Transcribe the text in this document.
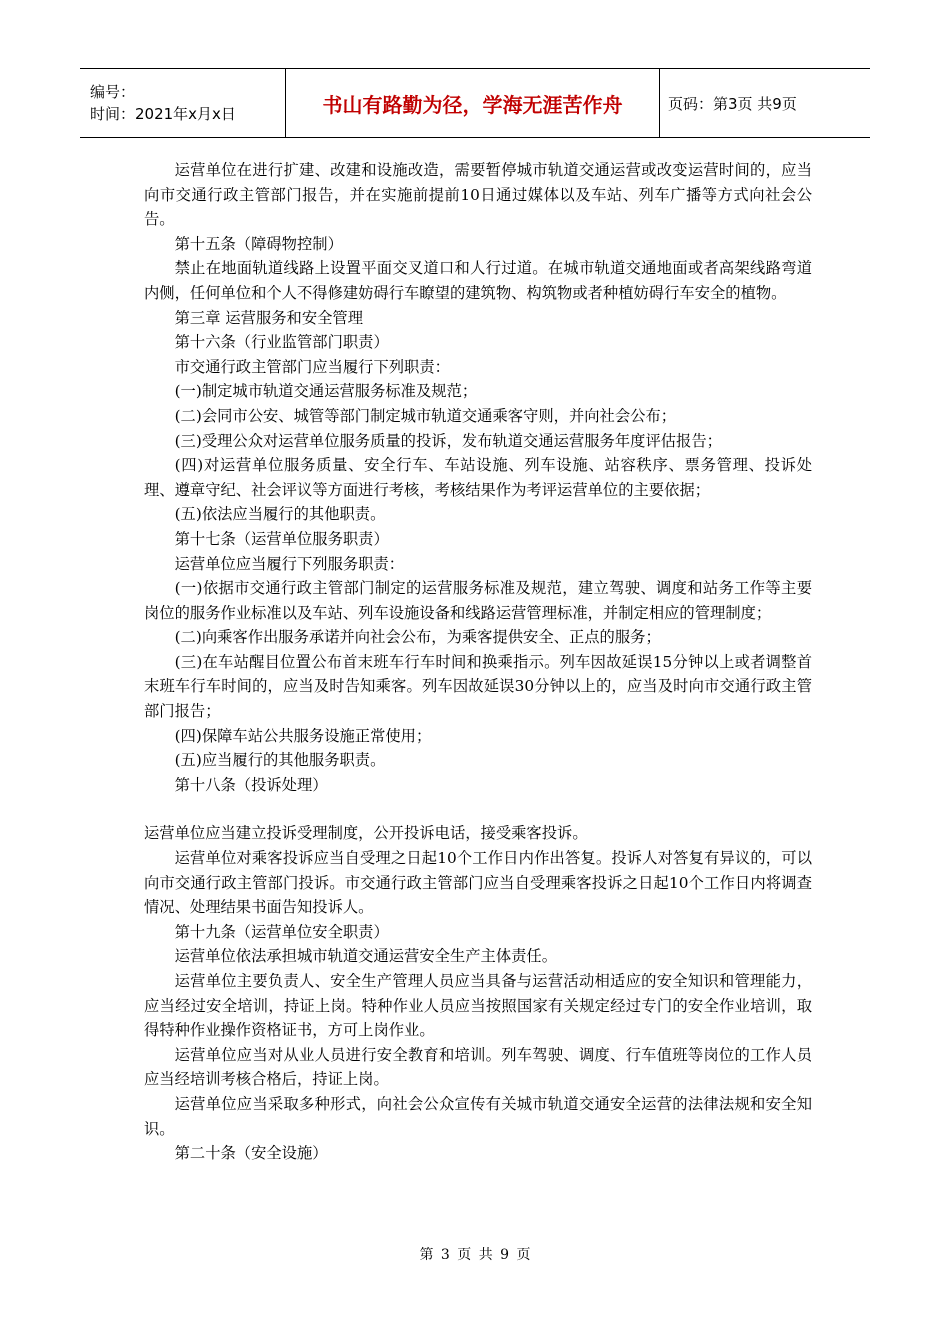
编号：
时间：2021年x月x日	书山有路勤为径，学海无涯苦作舟	页码：第3页 共9页

运营单位在进行扩建、改建和设施改造，需要暂停城市轨道交通运营或改变运营时间的，应当向市交通行政主管部门报告，并在实施前提前10日通过媒体以及车站、列车广播等方式向社会公告。

第十五条（障碍物控制）

禁止在地面轨道线路上设置平面交叉道口和人行过道。在城市轨道交通地面或者高架线路弯道内侧，任何单位和个人不得修建妨碍行车瞭望的建筑物、构筑物或者种植妨碍行车安全的植物。

第三章 运营服务和安全管理

第十六条（行业监管部门职责）

市交通行政主管部门应当履行下列职责：

(一)制定城市轨道交通运营服务标准及规范；

(二)会同市公安、城管等部门制定城市轨道交通乘客守则，并向社会公布；

(三)受理公众对运营单位服务质量的投诉，发布轨道交通运营服务年度评估报告；

(四)对运营单位服务质量、安全行车、车站设施、列车设施、站容秩序、票务管理、投诉处理、遵章守纪、社会评议等方面进行考核，考核结果作为考评运营单位的主要依据；

(五)依法应当履行的其他职责。

第十七条（运营单位服务职责）

运营单位应当履行下列服务职责：

(一)依据市交通行政主管部门制定的运营服务标准及规范，建立驾驶、调度和站务工作等主要岗位的服务作业标准以及车站、列车设施设备和线路运营管理标准，并制定相应的管理制度；

(二)向乘客作出服务承诺并向社会公布，为乘客提供安全、正点的服务；

(三)在车站醒目位置公布首末班车行车时间和换乘指示。列车因故延误15分钟以上或者调整首末班车行车时间的，应当及时告知乘客。列车因故延误30分钟以上的，应当及时向市交通行政主管部门报告；

(四)保障车站公共服务设施正常使用；

(五)应当履行的其他服务职责。

第十八条（投诉处理）

运营单位应当建立投诉受理制度，公开投诉电话，接受乘客投诉。

运营单位对乘客投诉应当自受理之日起10个工作日内作出答复。投诉人对答复有异议的，可以向市交通行政主管部门投诉。市交通行政主管部门应当自受理乘客投诉之日起10个工作日内将调查情况、处理结果书面告知投诉人。

第十九条（运营单位安全职责）

运营单位依法承担城市轨道交通运营安全生产主体责任。

运营单位主要负责人、安全生产管理人员应当具备与运营活动相适应的安全知识和管理能力，应当经过安全培训，持证上岗。特种作业人员应当按照国家有关规定经过专门的安全作业培训，取得特种作业操作资格证书，方可上岗作业。

运营单位应当对从业人员进行安全教育和培训。列车驾驶、调度、行车值班等岗位的工作人员应当经培训考核合格后，持证上岗。

运营单位应当采取多种形式，向社会公众宣传有关城市轨道交通安全运营的法律法规和安全知识。

第二十条（安全设施）

第 3 页 共 9 页
